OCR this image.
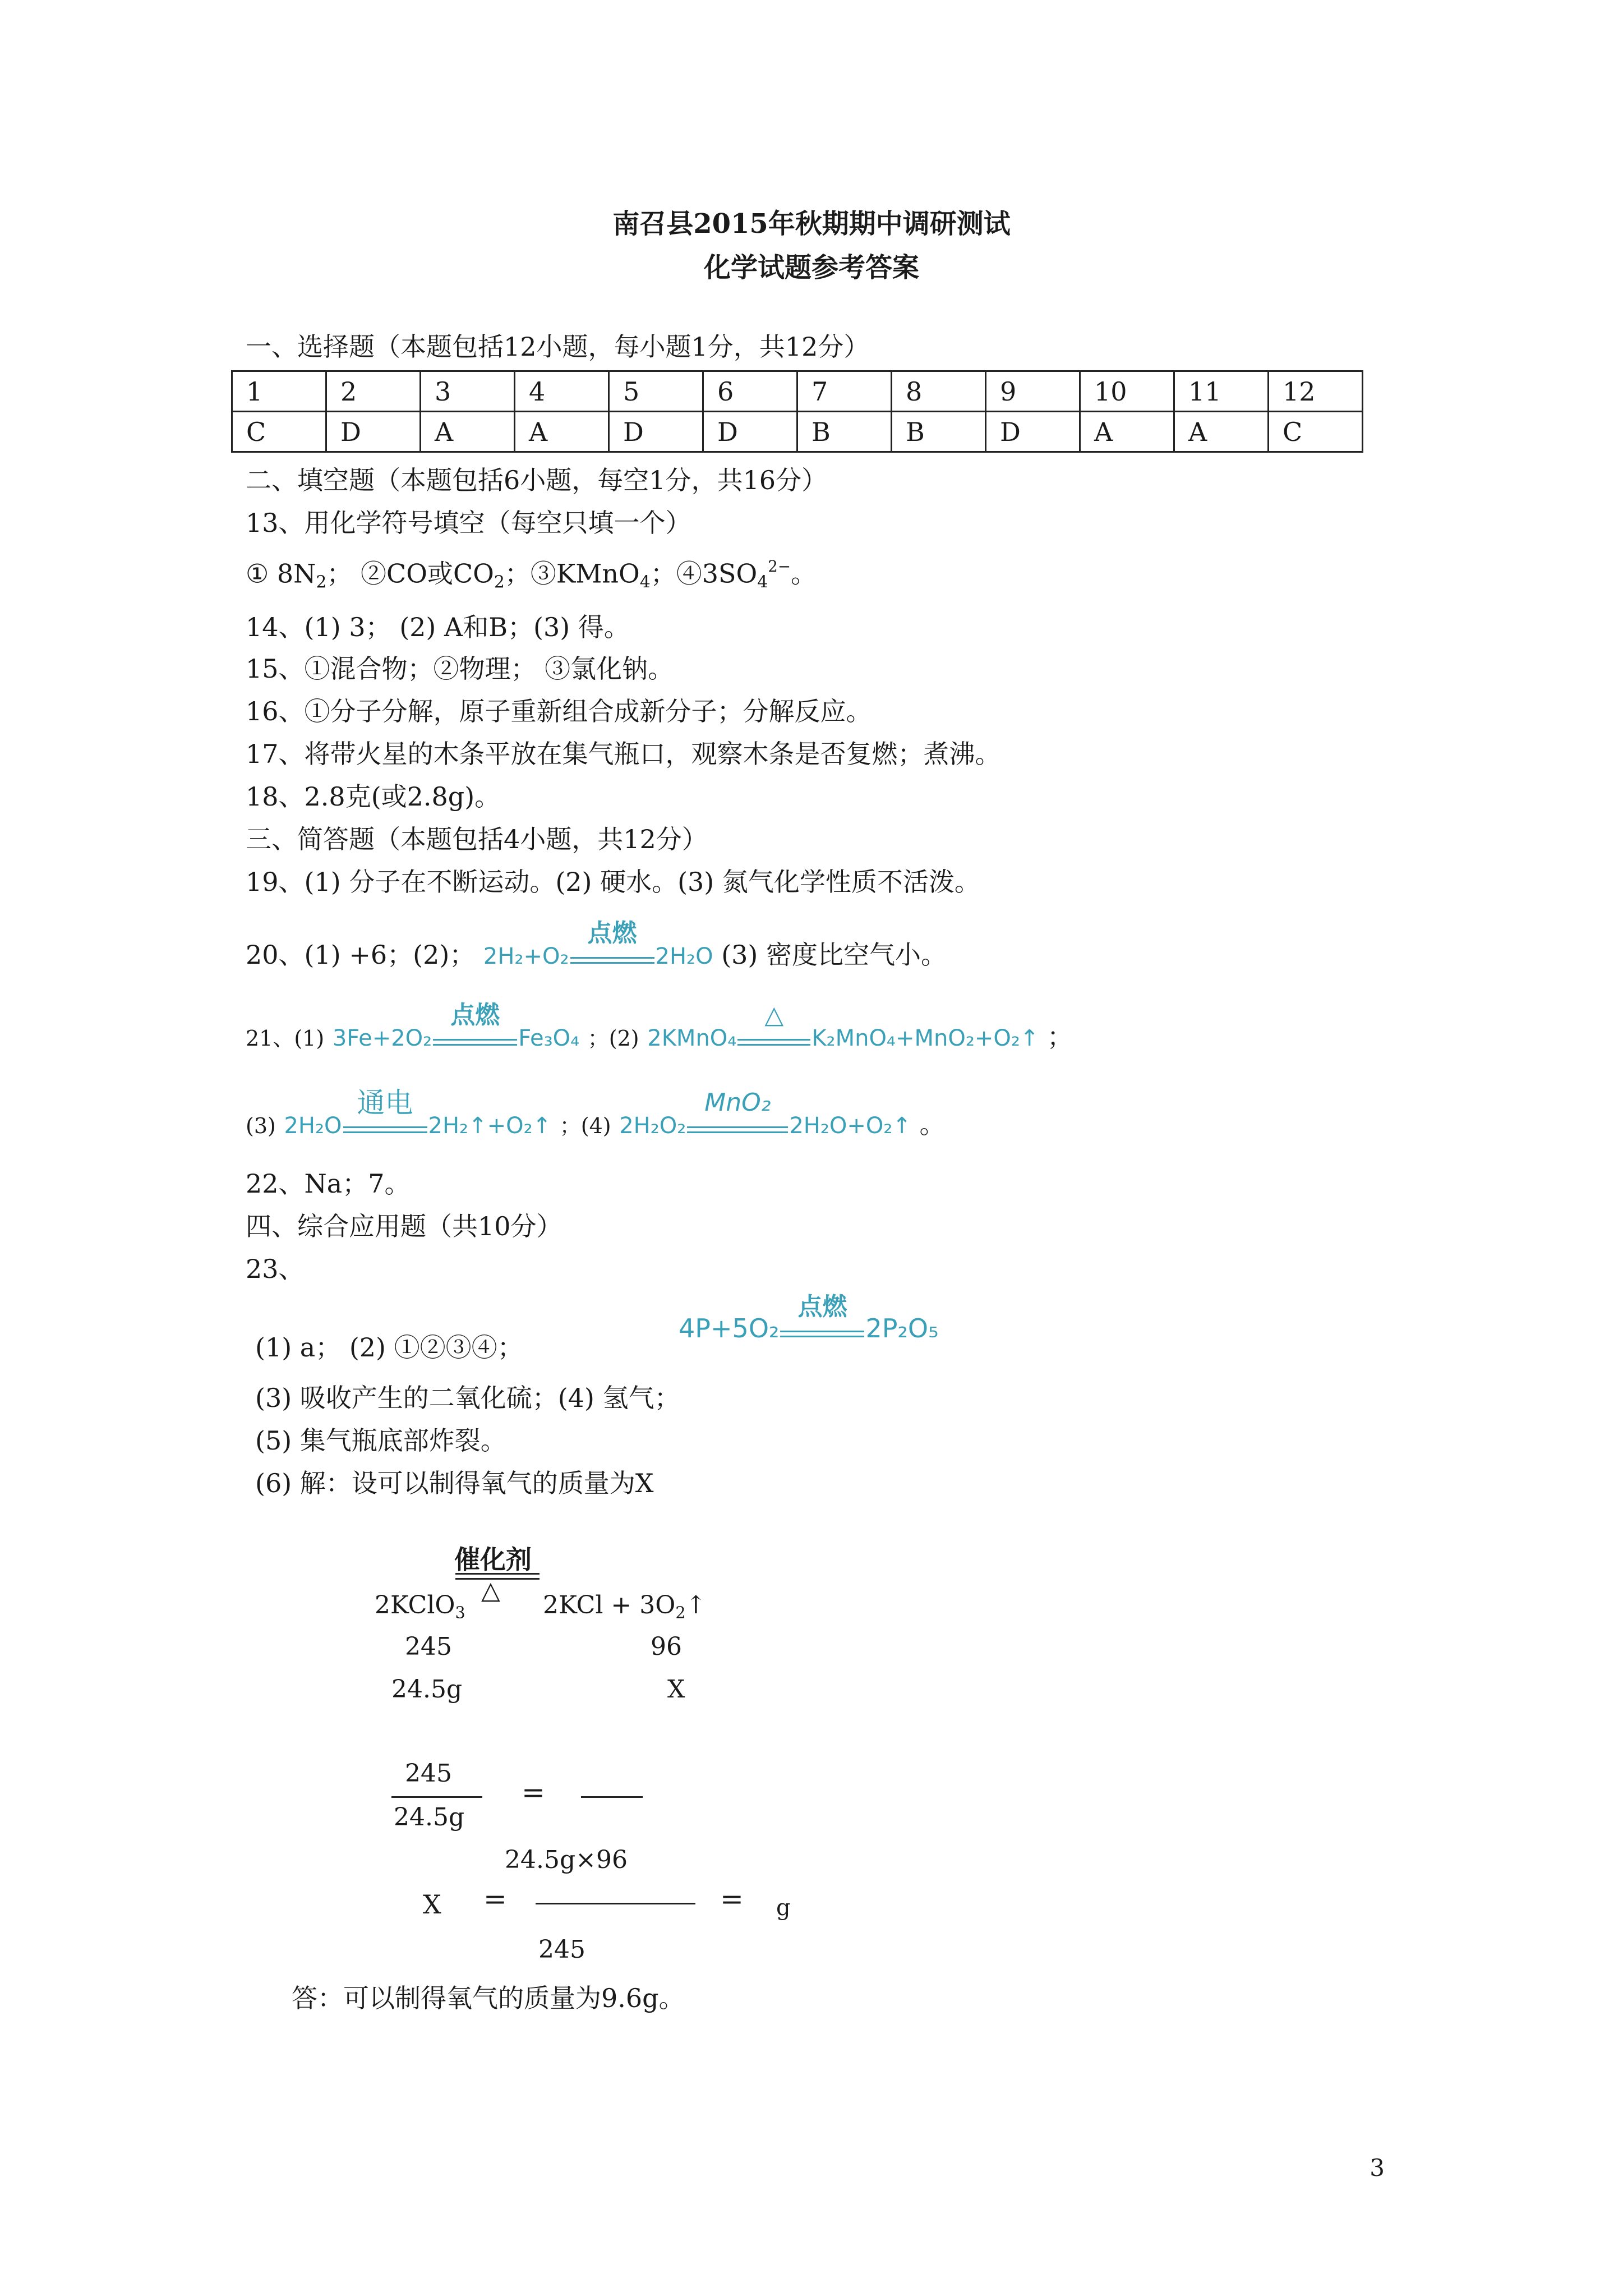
南召县2015年秋期期中调研测试
化学试题参考答案
一、选择题（本题包括12小题，每小题1分，共12分）
1	2	3	4	5	6	7	8	9	10	11	12
C	D	A	A	D	D	B	B	D	A	A	C
二、填空题（本题包括6小题，每空1分，共16分）
13、用化学符号填空（每空只填一个）
① $8N_2$； ②CO或$CO_2$；③KMnO$_4$；$④3SO_4^{2-}$。
14、(1) 3； (2) A和B；(3) 得。
15、①混合物；②物理； ③氯化钠。
16、①分子分解，原子重新组合成新分子；分解反应。
17、将带火星的木条平放在集气瓶口，观察木条是否复燃；煮沸。
18、2.8克(或2.8g)。
三、简答题（本题包括4小题，共12分）
19、(1) 分子在不断运动。(2) 硬水。(3) 氮气化学性质不活泼。
20、(1) +6；(2)； 2H₂+O₂
点燃
2H₂O (3) 密度比空气小。
21、(1) 3Fe+2O₂
点燃
Fe₃O₄ ；(2) 2KMnO₄
△
K₂MnO₄+MnO₂+O₂↑ ；
(3) 2H₂O
通电
2H₂↑+O₂↑ ；(4) 2H₂O₂
MnO₂
2H₂O+O₂↑ 。
22、Na；7。
四、综合应用题（共10分）
23、
(1) a； (2) ①②③④；
4P+5O₂
点燃
2P₂O₅
(3) 吸收产生的二氧化硫；(4) 氢气；
(5) 集气瓶底部炸裂。
(6) 解：设可以制得氧气的质量为X
催化剂
△
2KClO$_3$	$2KCl + 3O_2↑$
245	96
24.5g	X
245
24.5g
=
24.5g×96
X =	= g
245
答：可以制得氧气的质量为9.6g。
3
